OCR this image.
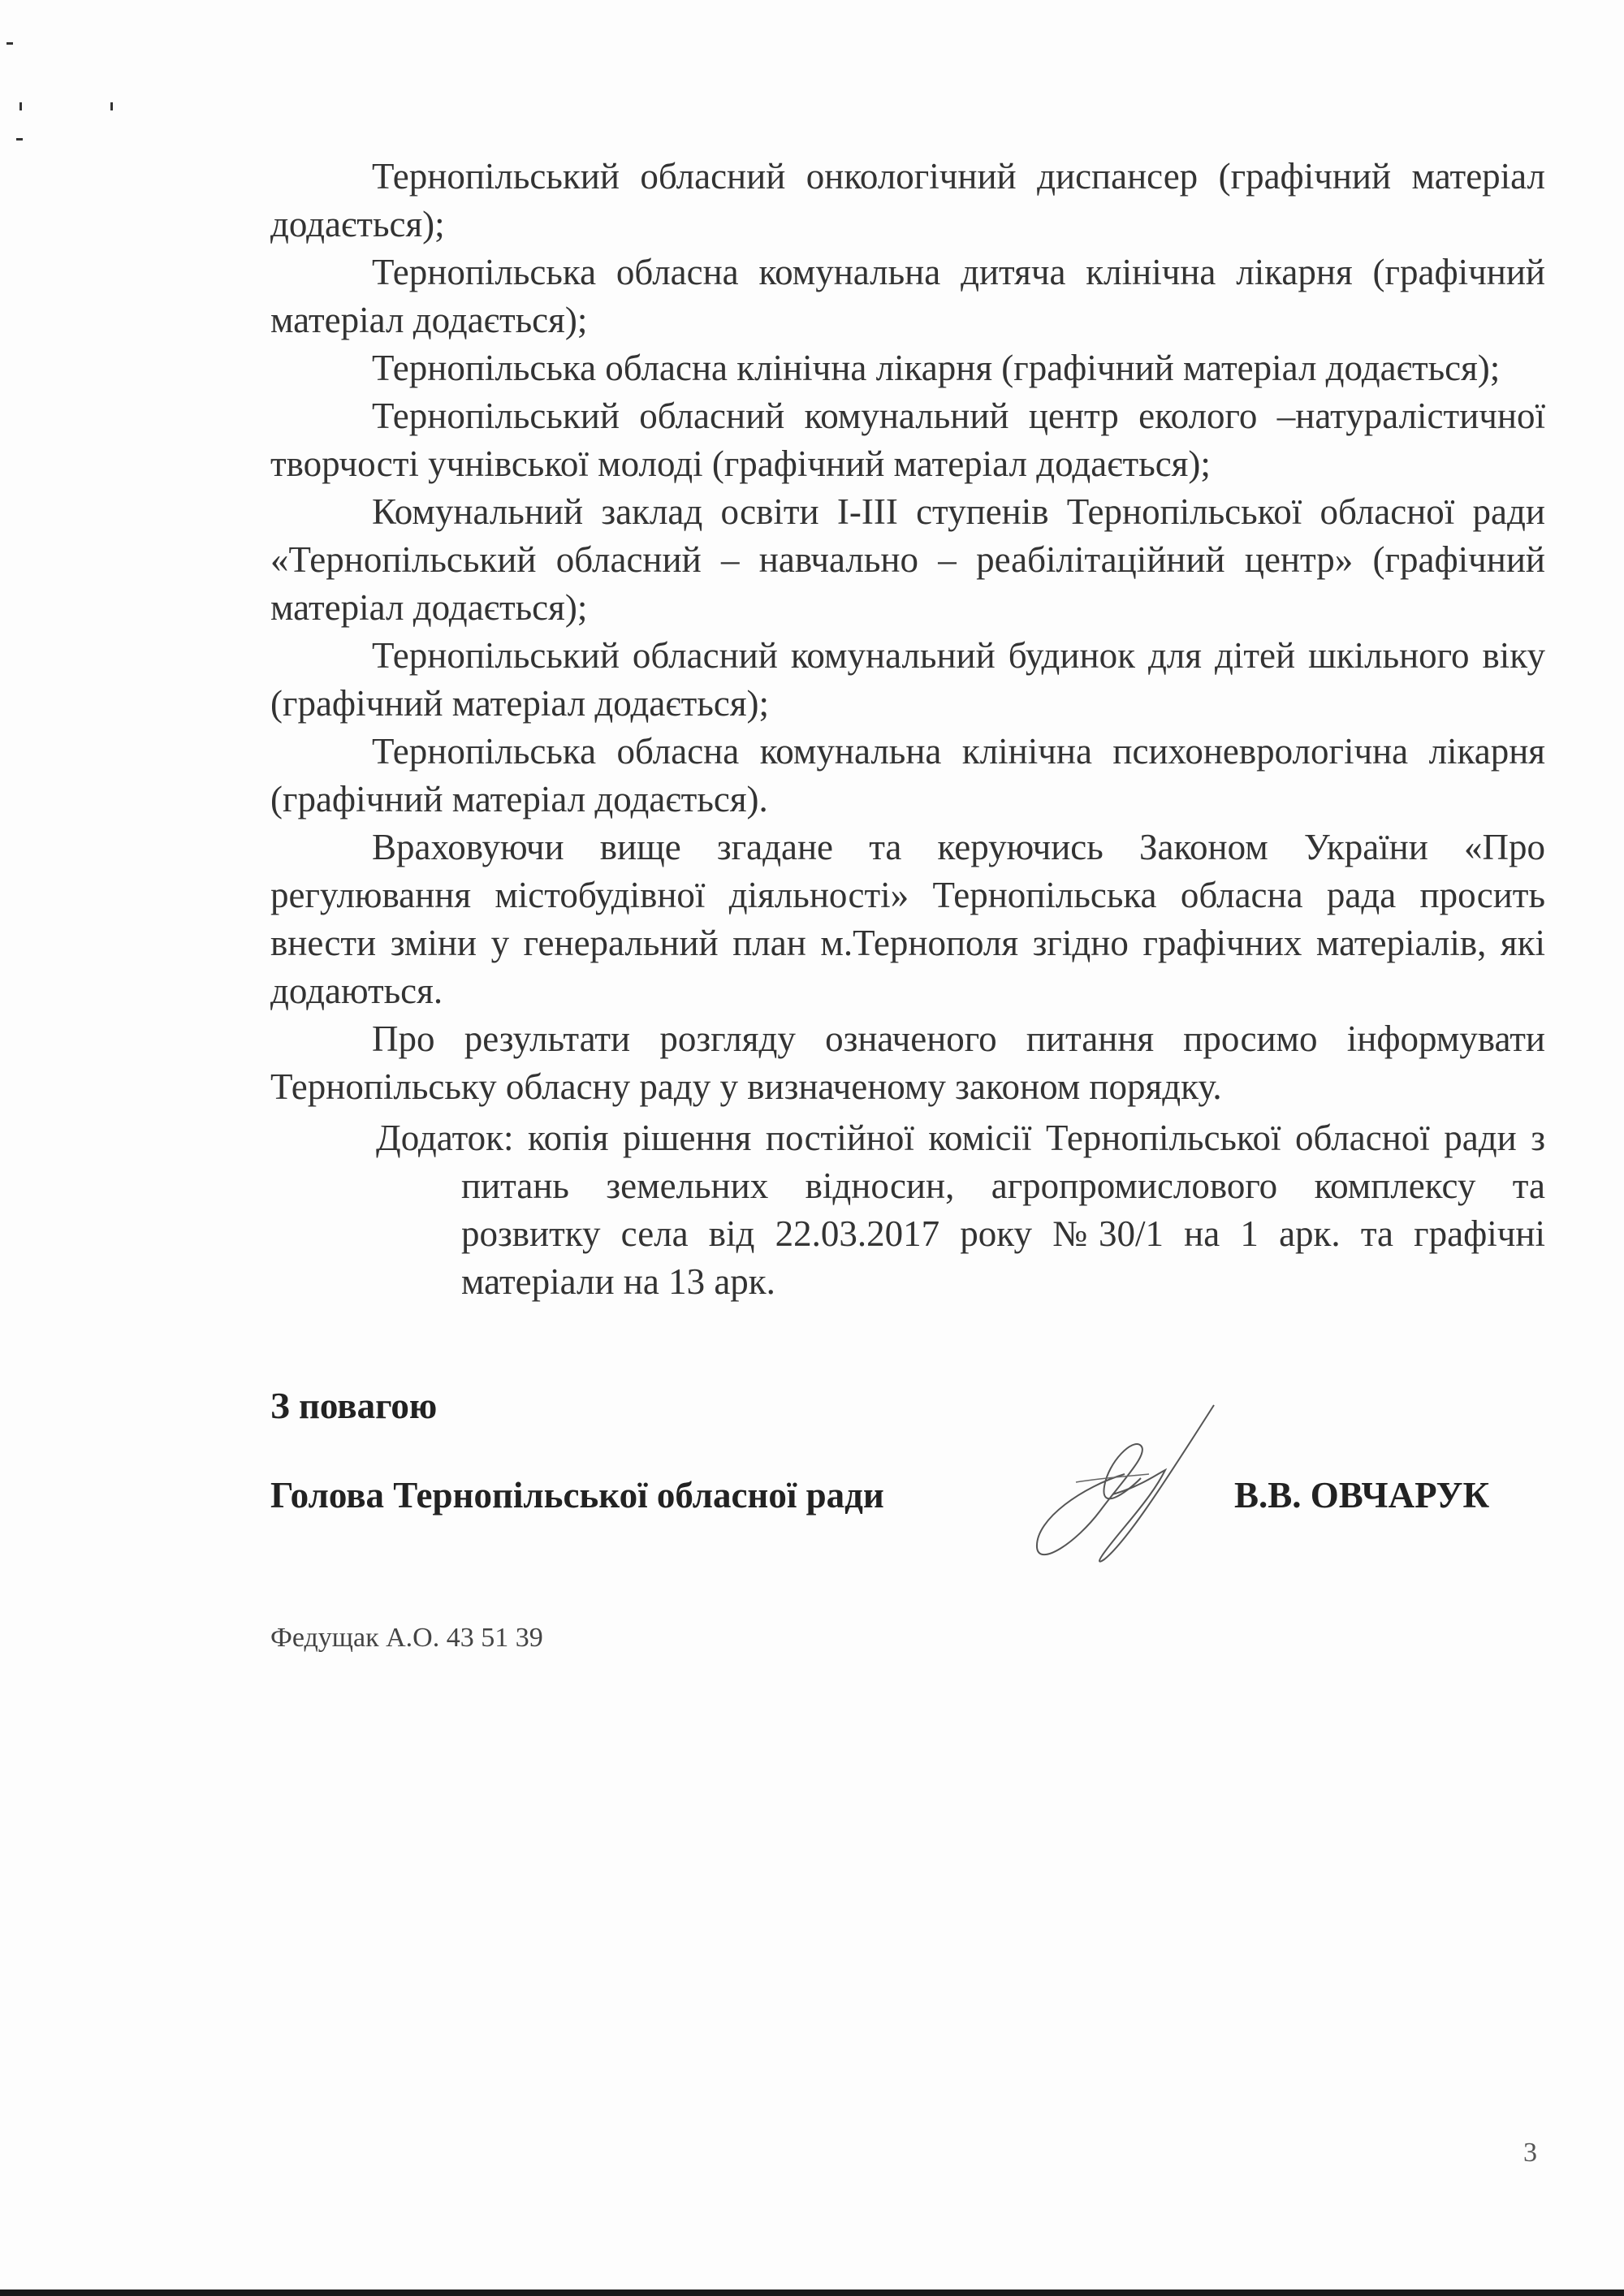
Тернопільський обласний онкологічний диспансер (графічний матеріал додається);

Тернопільська обласна комунальна дитяча клінічна лікарня (графічний матеріал додається);

Тернопільська обласна клінічна лікарня (графічний матеріал додається);

Тернопільський обласний комунальний центр еколого –натуралістичної творчості учнівської молоді (графічний матеріал додається);

Комунальний заклад освіти І-ІІІ ступенів Тернопільської обласної ради «Тернопільський обласний – навчально – реабілітаційний центр» (графічний матеріал додається);

Тернопільський обласний комунальний будинок для дітей шкільного віку (графічний матеріал додається);

Тернопільська обласна комунальна клінічна психоневрологічна лікарня (графічний матеріал додається).

Враховуючи вище згадане та керуючись Законом України «Про регулювання містобудівної діяльності» Тернопільська обласна рада просить внести зміни у генеральний план м.Тернополя згідно графічних матеріалів, які додаються.

Про результати розгляду означеного питання просимо інформувати Тернопільську обласну раду у визначеному законом порядку.

Додаток: копія рішення постійної комісії Тернопільської обласної ради з питань земельних відносин, агропромислового комплексу та розвитку села від 22.03.2017 року №30/1 на 1 арк. та графічні матеріали на 13 арк.

З повагою
Голова Тернопільської обласної ради	В.В. ОВЧАРУК
Федущак А.О. 43 51 39
3
